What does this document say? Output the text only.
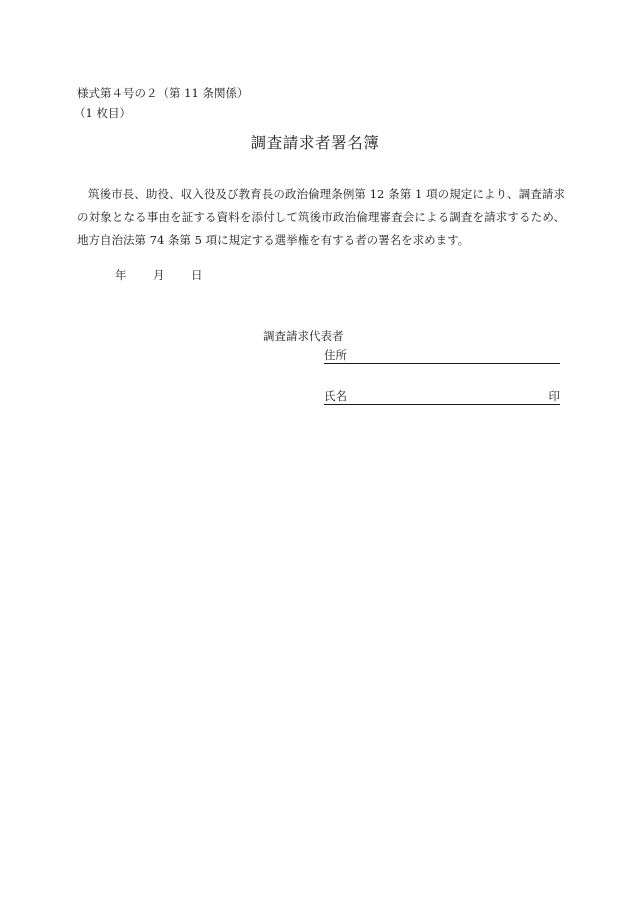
様式第４号の２（第 11 条関係）
（1 枚目）
調査請求者署名簿
筑後市長、助役、収入役及び教育長の政治倫理条例第 12 条第 1 項の規定により、調査請求の対象となる事由を証する資料を添付して筑後市政治倫理審査会による調査を請求するため、地方自治法第 74 条第 5 項に規定する選挙権を有する者の署名を求めます。
年 月 日
調査請求代表者
住所
氏名	印
